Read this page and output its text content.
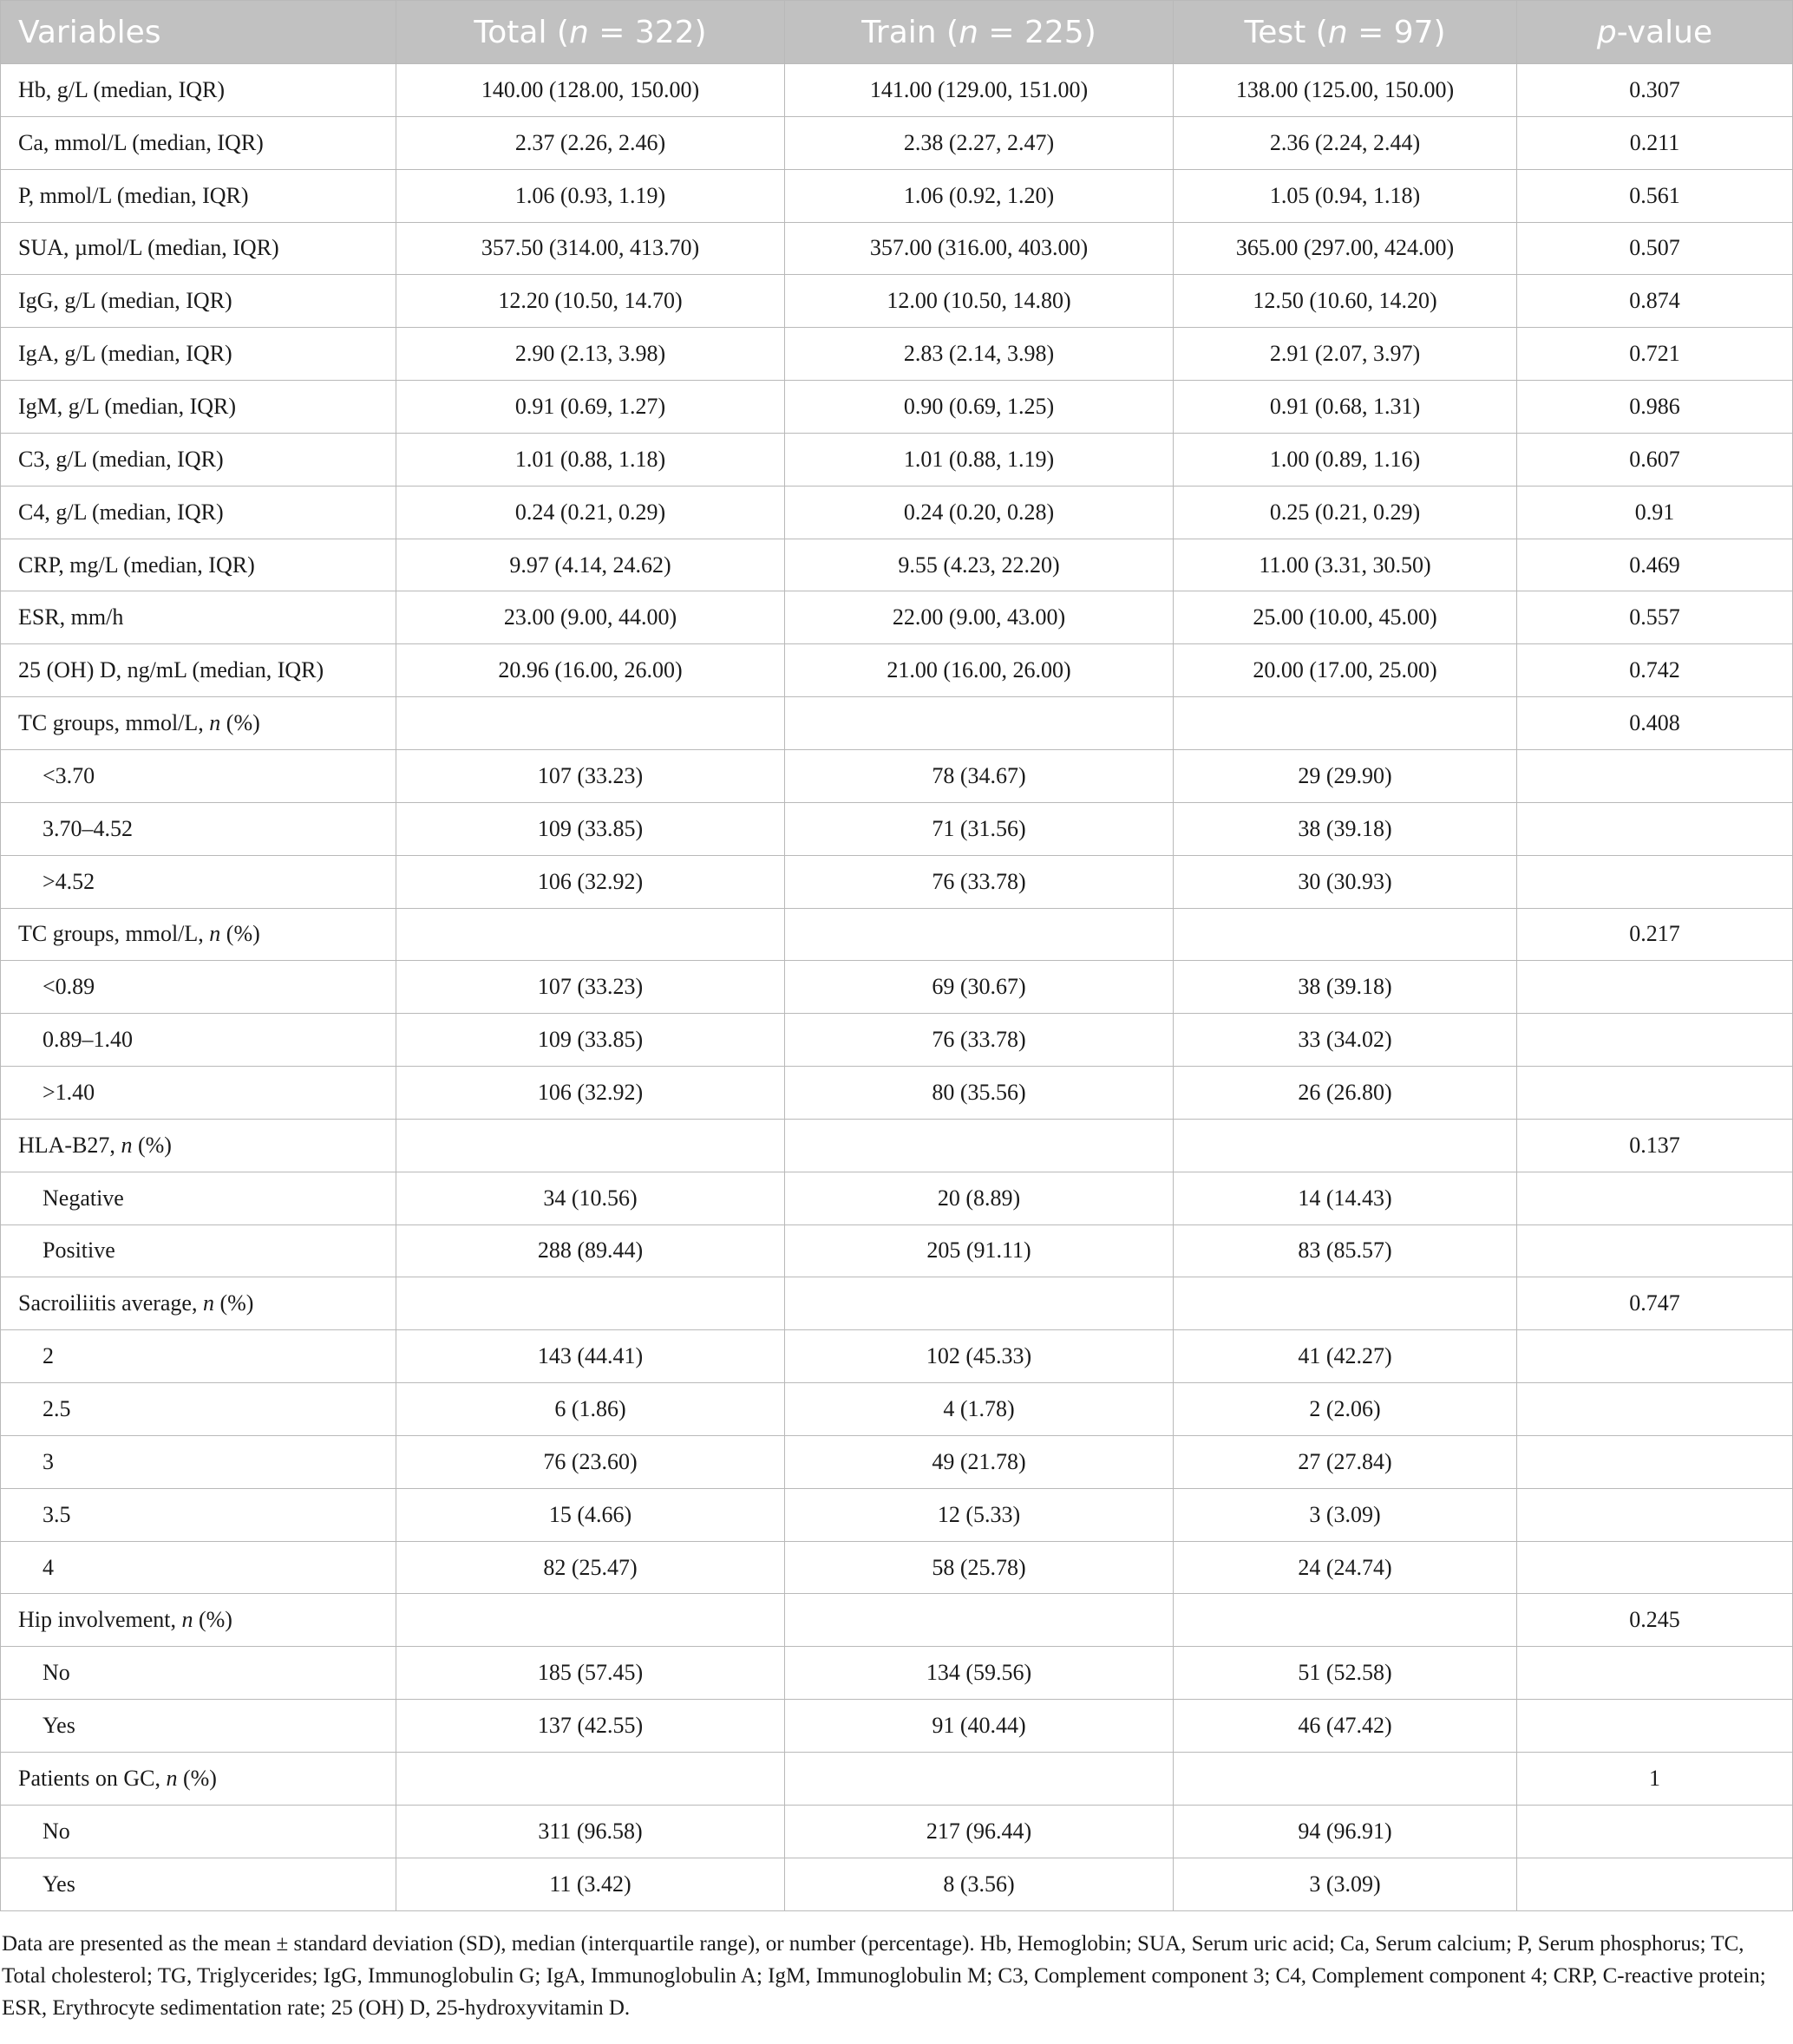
Variables	Total (n = 322)	Train (n = 225)	Test (n = 97)	p-value
Hb, g/L (median, IQR)	140.00 (128.00, 150.00)	141.00 (129.00, 151.00)	138.00 (125.00, 150.00)	0.307
Ca, mmol/L (median, IQR)	2.37 (2.26, 2.46)	2.38 (2.27, 2.47)	2.36 (2.24, 2.44)	0.211
P, mmol/L (median, IQR)	1.06 (0.93, 1.19)	1.06 (0.92, 1.20)	1.05 (0.94, 1.18)	0.561
SUA, µmol/L (median, IQR)	357.50 (314.00, 413.70)	357.00 (316.00, 403.00)	365.00 (297.00, 424.00)	0.507
IgG, g/L (median, IQR)	12.20 (10.50, 14.70)	12.00 (10.50, 14.80)	12.50 (10.60, 14.20)	0.874
IgA, g/L (median, IQR)	2.90 (2.13, 3.98)	2.83 (2.14, 3.98)	2.91 (2.07, 3.97)	0.721
IgM, g/L (median, IQR)	0.91 (0.69, 1.27)	0.90 (0.69, 1.25)	0.91 (0.68, 1.31)	0.986
C3, g/L (median, IQR)	1.01 (0.88, 1.18)	1.01 (0.88, 1.19)	1.00 (0.89, 1.16)	0.607
C4, g/L (median, IQR)	0.24 (0.21, 0.29)	0.24 (0.20, 0.28)	0.25 (0.21, 0.29)	0.91
CRP, mg/L (median, IQR)	9.97 (4.14, 24.62)	9.55 (4.23, 22.20)	11.00 (3.31, 30.50)	0.469
ESR, mm/h	23.00 (9.00, 44.00)	22.00 (9.00, 43.00)	25.00 (10.00, 45.00)	0.557
25 (OH) D, ng/mL (median, IQR)	20.96 (16.00, 26.00)	21.00 (16.00, 26.00)	20.00 (17.00, 25.00)	0.742
TC groups, mmol/L, n (%)				0.408
<3.70	107 (33.23)	78 (34.67)	29 (29.90)	
3.70–4.52	109 (33.85)	71 (31.56)	38 (39.18)	
>4.52	106 (32.92)	76 (33.78)	30 (30.93)	
TC groups, mmol/L, n (%)				0.217
<0.89	107 (33.23)	69 (30.67)	38 (39.18)	
0.89–1.40	109 (33.85)	76 (33.78)	33 (34.02)	
>1.40	106 (32.92)	80 (35.56)	26 (26.80)	
HLA-B27, n (%)				0.137
Negative	34 (10.56)	20 (8.89)	14 (14.43)	
Positive	288 (89.44)	205 (91.11)	83 (85.57)	
Sacroiliitis average, n (%)				0.747
2	143 (44.41)	102 (45.33)	41 (42.27)	
2.5	6 (1.86)	4 (1.78)	2 (2.06)	
3	76 (23.60)	49 (21.78)	27 (27.84)	
3.5	15 (4.66)	12 (5.33)	3 (3.09)	
4	82 (25.47)	58 (25.78)	24 (24.74)	
Hip involvement, n (%)				0.245
No	185 (57.45)	134 (59.56)	51 (52.58)	
Yes	137 (42.55)	91 (40.44)	46 (47.42)	
Patients on GC, n (%)				1
No	311 (96.58)	217 (96.44)	94 (96.91)	
Yes	11 (3.42)	8 (3.56)	3 (3.09)	

Data are presented as the mean ± standard deviation (SD), median (interquartile range), or number (percentage). Hb, Hemoglobin; SUA, Serum uric acid; Ca, Serum calcium; P, Serum phosphorus; TC, Total cholesterol; TG, Triglycerides; IgG, Immunoglobulin G; IgA, Immunoglobulin A; IgM, Immunoglobulin M; C3, Complement component 3; C4, Complement component 4; CRP, C-reactive protein; ESR, Erythrocyte sedimentation rate; 25 (OH) D, 25-hydroxyvitamin D.
